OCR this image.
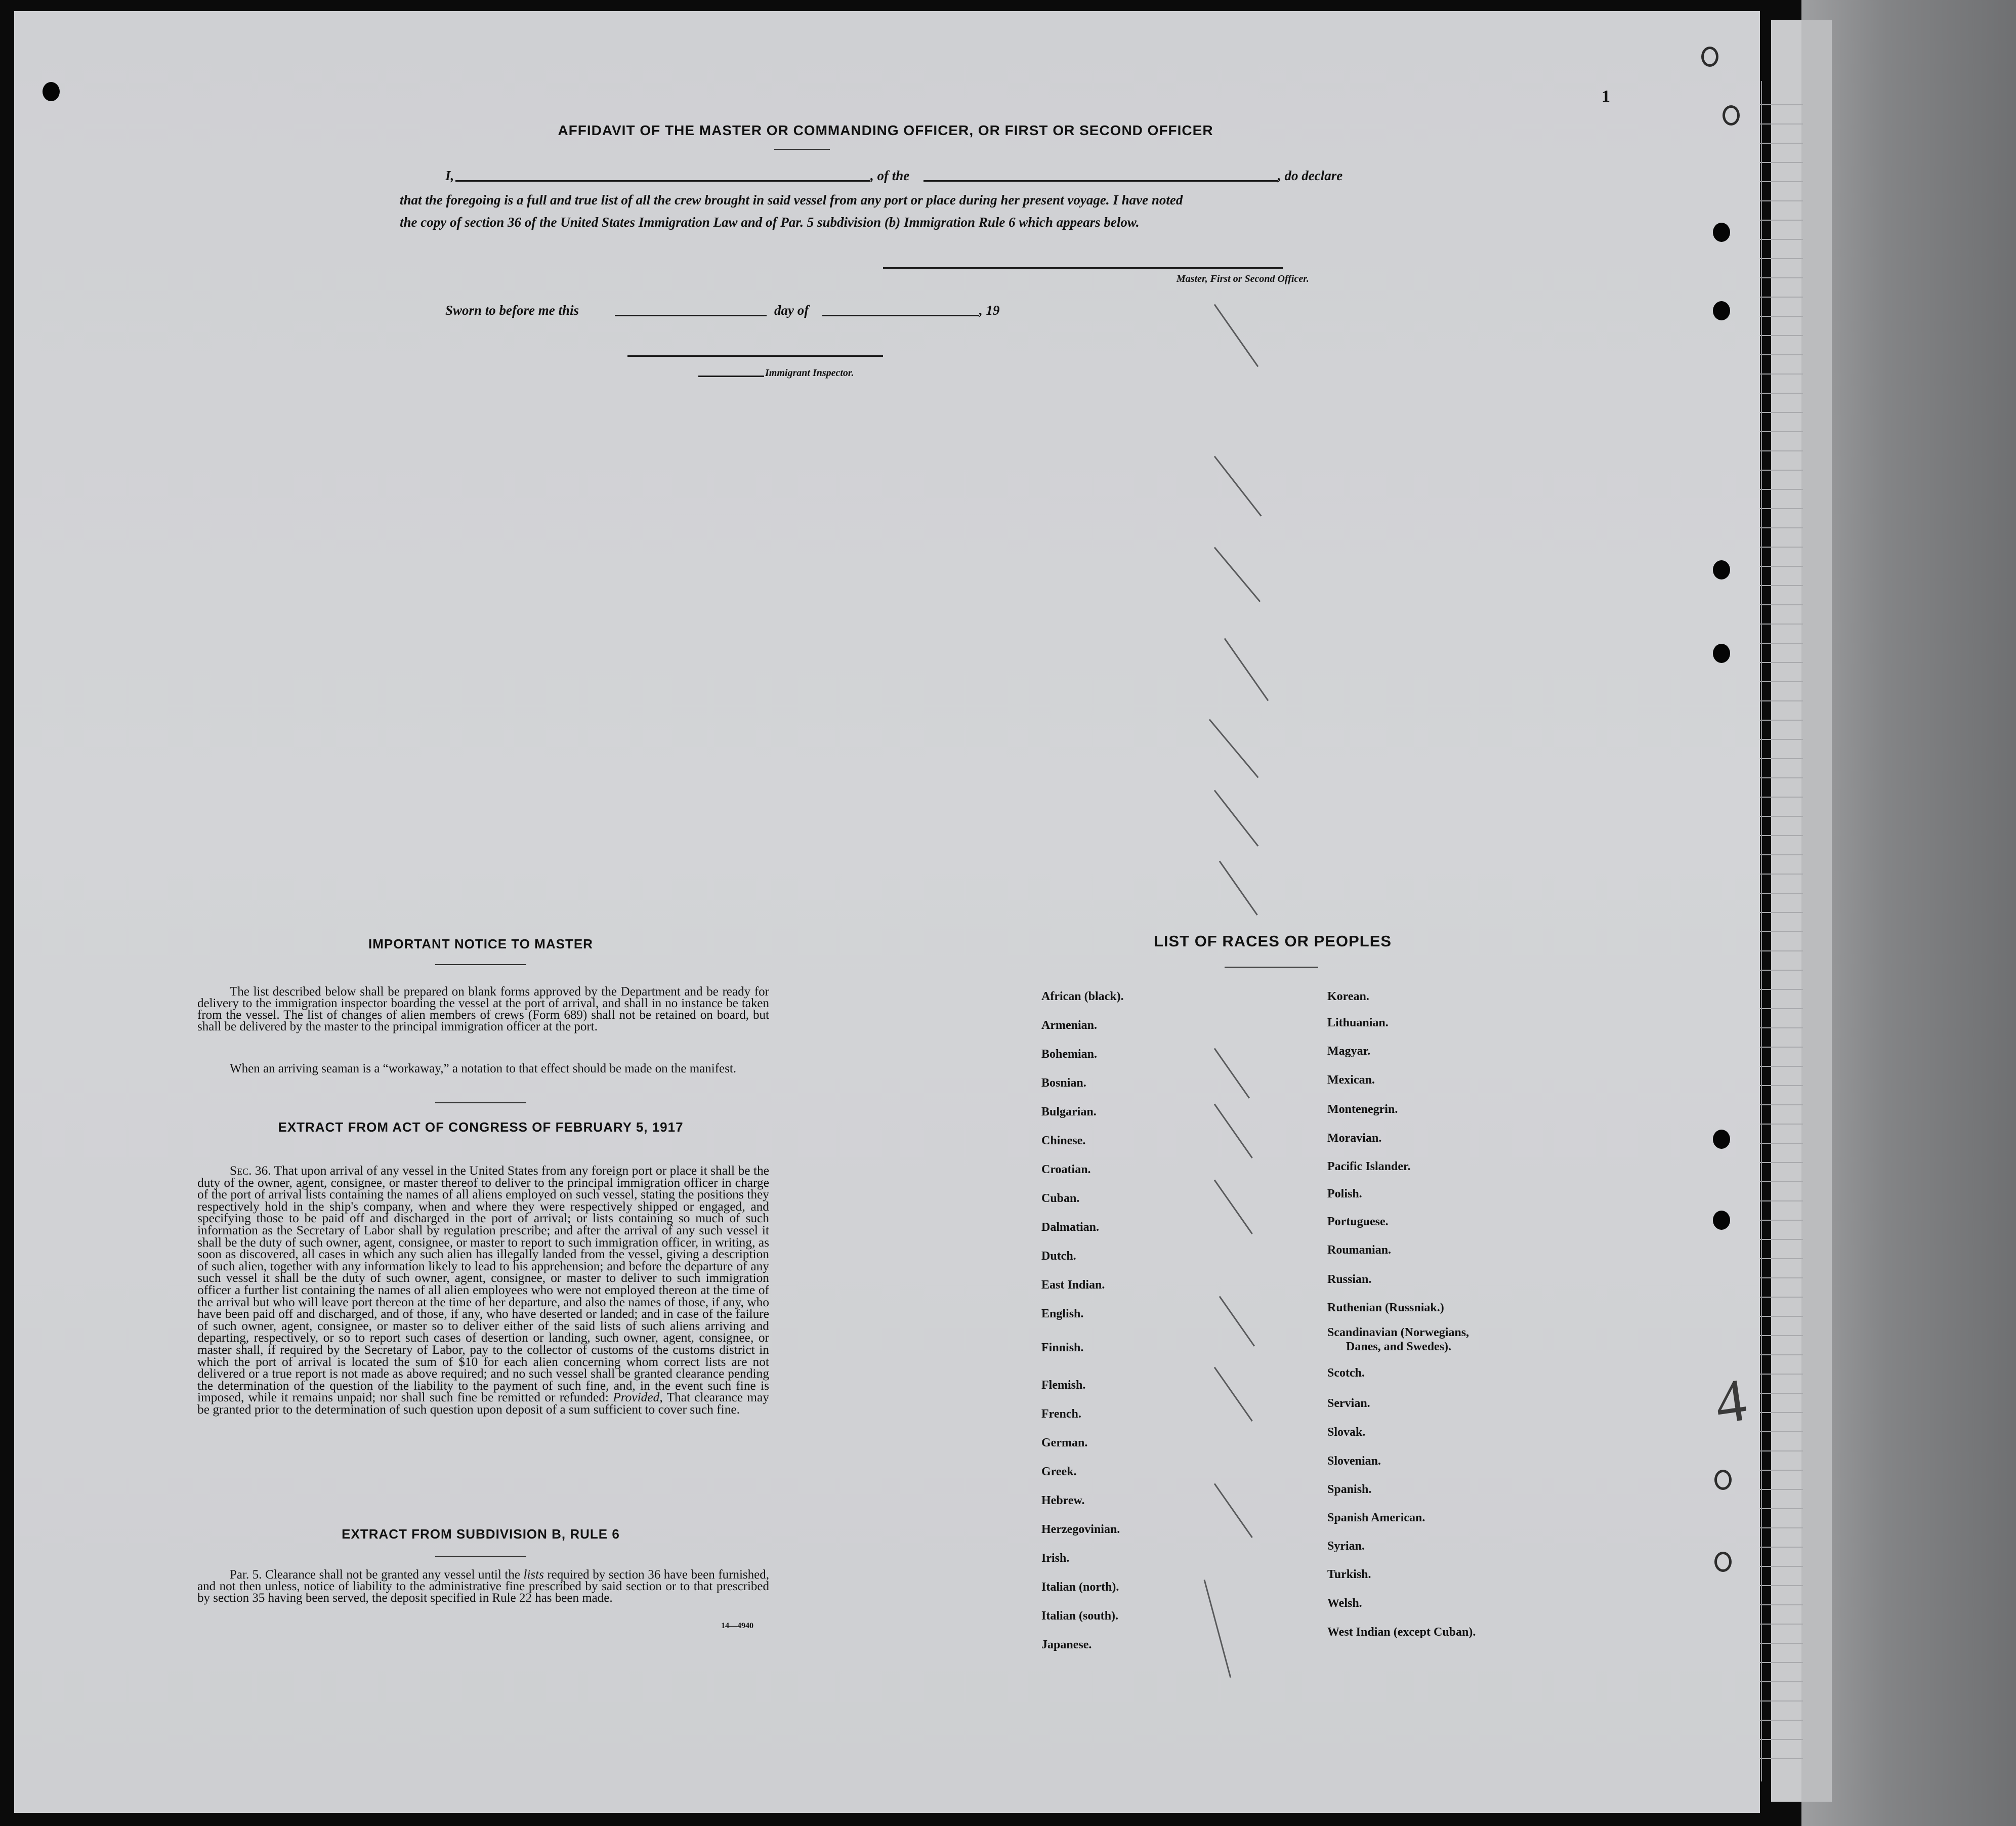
1
4
AFFIDAVIT OF THE MASTER OR COMMANDING OFFICER, OR FIRST OR SECOND OFFICER
I,	, of the	, do declare
that the foregoing is a full and true list of all the crew brought in said vessel from any port or place during her present voyage. I have noted
the copy of section 36 of the United States Immigration Law and of Par. 5 subdivision (b) Immigration Rule 6 which appears below.
Master, First or Second Officer.
Sworn to before me this	day of	, 19
Immigrant Inspector.
IMPORTANT NOTICE TO MASTER

The list described below shall be prepared on blank forms approved by the Department and be ready for delivery to the immigration inspector boarding the vessel at the port of arrival, and shall in no instance be taken from the vessel. The list of changes of alien members of crews (Form 689) shall not be retained on board, but shall be delivered by the master to the principal immigration officer at the port.

When an arriving seaman is a “workaway,” a notation to that effect should be made on the manifest.

EXTRACT FROM ACT OF CONGRESS OF FEBRUARY 5, 1917

Sec. 36. That upon arrival of any vessel in the United States from any foreign port or place it shall be the duty of the owner, agent, consignee, or master thereof to deliver to the principal immigration officer in charge of the port of arrival lists containing the names of all aliens employed on such vessel, stating the positions they respectively hold in the ship's company, when and where they were respectively shipped or engaged, and specifying those to be paid off and discharged in the port of arrival; or lists containing so much of such information as the Secretary of Labor shall by regulation prescribe; and after the arrival of any such vessel it shall be the duty of such owner, agent, consignee, or master to report to such immigration officer, in writing, as soon as discovered, all cases in which any such alien has illegally landed from the vessel, giving a description of such alien, together with any information likely to lead to his apprehension; and before the departure of any such vessel it shall be the duty of such owner, agent, consignee, or master to deliver to such immigration officer a further list containing the names of all alien employees who were not employed thereon at the time of the arrival but who will leave port thereon at the time of her departure, and also the names of those, if any, who have been paid off and discharged, and of those, if any, who have deserted or landed; and in case of the failure of such owner, agent, consignee, or master so to deliver either of the said lists of such aliens arriving and departing, respectively, or so to report such cases of desertion or landing, such owner, agent, consignee, or master shall, if required by the Secretary of Labor, pay to the collector of customs of the customs district in which the port of arrival is located the sum of $10 for each alien concerning whom correct lists are not delivered or a true report is not made as above required; and no such vessel shall be granted clearance pending the determination of the question of the liability to the payment of such fine, and, in the event such fine is imposed, while it remains unpaid; nor shall such fine be remitted or refunded: Provided, That clearance may be granted prior to the determination of such question upon deposit of a sum sufficient to cover such fine.

EXTRACT FROM SUBDIVISION B, RULE 6

Par. 5. Clearance shall not be granted any vessel until the lists required by section 36 have been furnished, and not then unless, notice of liability to the administrative fine prescribed by said section or to that prescribed by section 35 having been served, the deposit specified in Rule 22 has been made.

14—4940
LIST OF RACES OR PEOPLES
African (black).
Armenian.
Bohemian.
Bosnian.
Bulgarian.
Chinese.
Croatian.
Cuban.
Dalmatian.
Dutch.
East Indian.
English.
Finnish.
Flemish.
French.
German.
Greek.
Hebrew.
Herzegovinian.
Irish.
Italian (north).
Italian (south).
Japanese.
Korean.
Lithuanian.
Magyar.
Mexican.
Montenegrin.
Moravian.
Pacific Islander.
Polish.
Portuguese.
Roumanian.
Russian.
Ruthenian (Russniak.)
Scandinavian (Norwegians,
Scotch.
Servian.
Slovak.
Slovenian.
Spanish.
Spanish American.
Syrian.
Turkish.
Welsh.
West Indian (except Cuban).
Danes, and Swedes).
